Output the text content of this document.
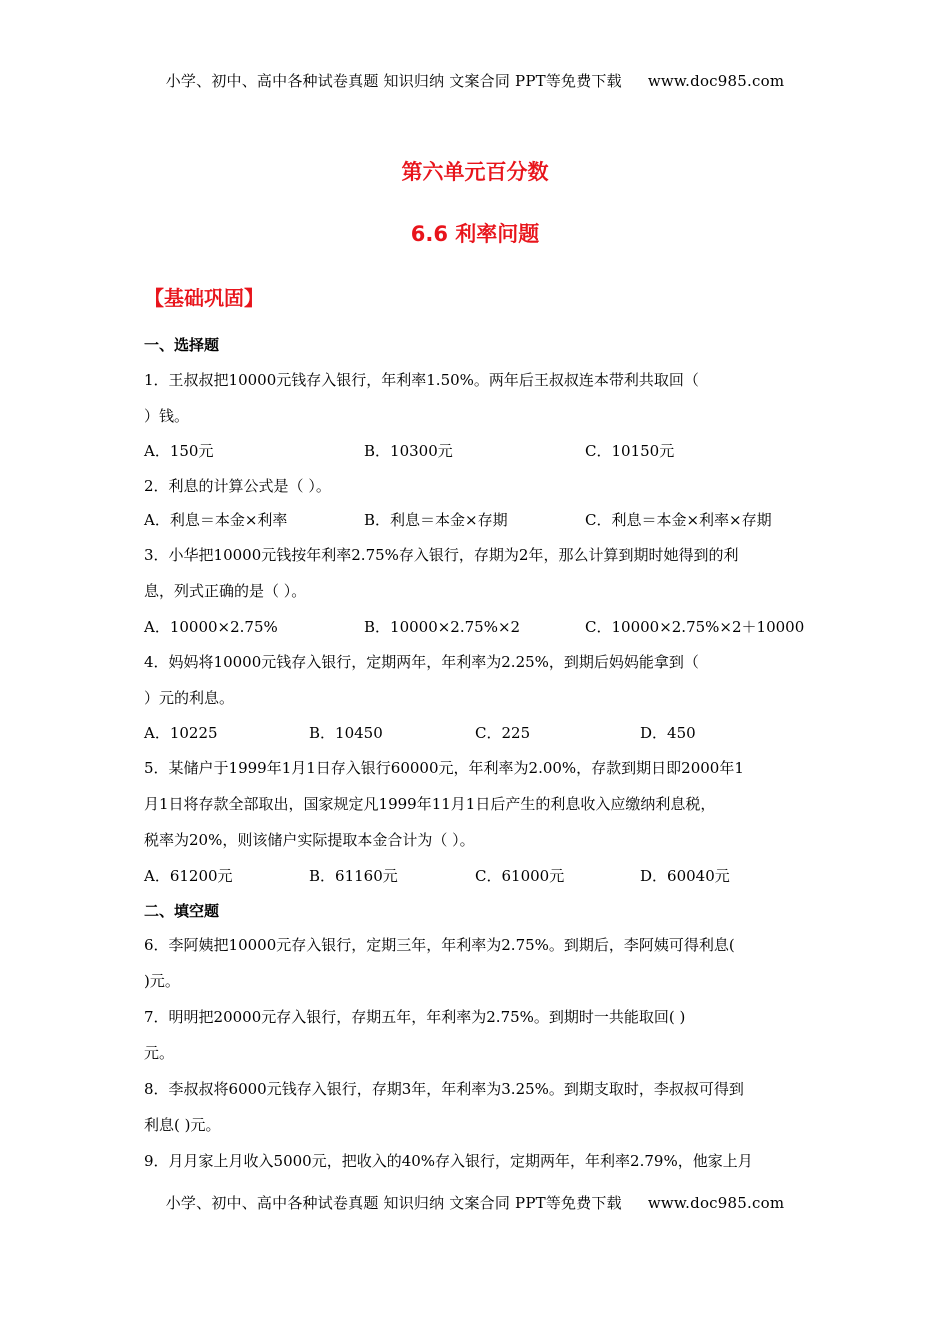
小学、初中、高中各种试卷真题 知识归纳 文案合同 PPT等免费下载 www.doc985.com
第六单元百分数
6.6 利率问题
【基础巩固】
一、选择题
1．王叔叔把10000元钱存入银行，年利率1.50%。两年后王叔叔连本带利共取回（
）钱。
A．150元	B．10300元	C．10150元
2．利息的计算公式是（ ）。
A．利息＝本金×利率	B．利息＝本金×存期	C．利息＝本金×利率×存期
3．小华把10000元钱按年利率2.75%存入银行，存期为2年，那么计算到期时她得到的利
息，列式正确的是（ ）。
A．10000×2.75%	B．10000×2.75%×2	C．10000×2.75%×2＋10000
4．妈妈将10000元钱存入银行，定期两年，年利率为2.25%，到期后妈妈能拿到（
）元的利息。
A．10225	B．10450	C．225	D．450
5．某储户于1999年1月1日存入银行60000元，年利率为2.00%，存款到期日即2000年1
月1日将存款全部取出，国家规定凡1999年11月1日后产生的利息收入应缴纳利息税，
税率为20%，则该储户实际提取本金合计为（ ）。
A．61200元	B．61160元	C．61000元	D．60040元
二、填空题
6．李阿姨把10000元存入银行，定期三年，年利率为2.75%。到期后，李阿姨可得利息(
)元。
7．明明把20000元存入银行，存期五年，年利率为2.75%。到期时一共能取回( )
元。
8．李叔叔将6000元钱存入银行，存期3年，年利率为3.25%。到期支取时，李叔叔可得到
利息( )元。
9．月月家上月收入5000元，把收入的40%存入银行，定期两年，年利率2.79%，他家上月
小学、初中、高中各种试卷真题 知识归纳 文案合同 PPT等免费下载 www.doc985.com
